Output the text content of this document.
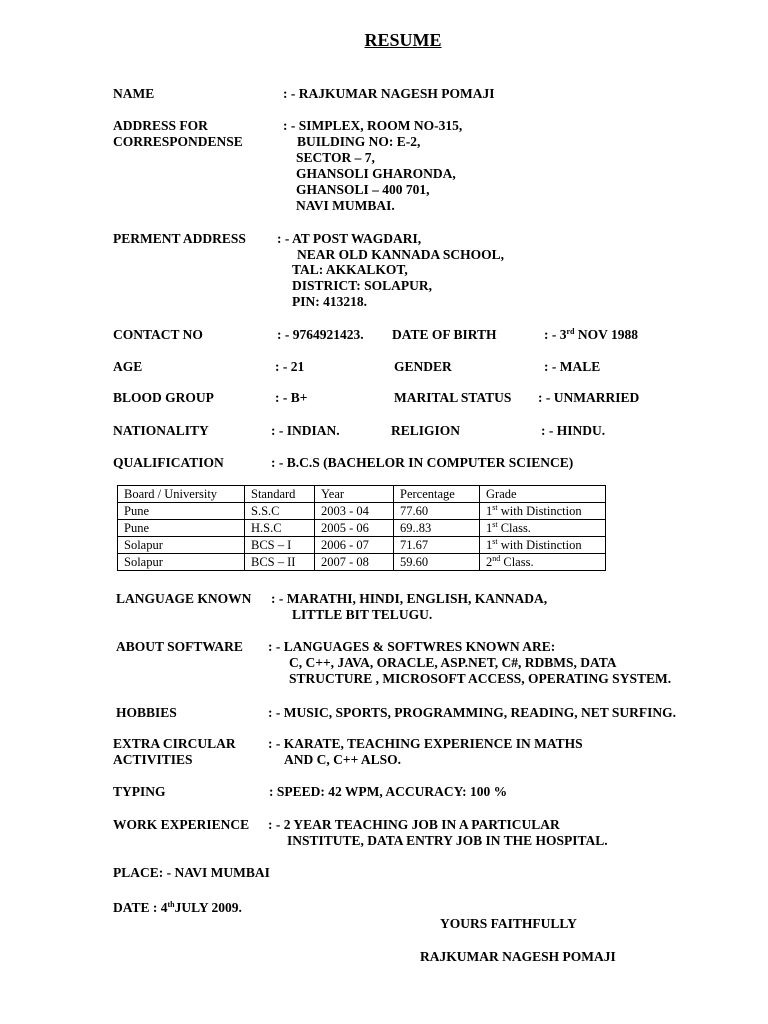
RESUME
NAME	: - RAJKUMAR NAGESH POMAJI
ADDRESS FOR
CORRESPONDENSE
: - SIMPLEX, ROOM NO-315,
BUILDING NO: E-2,
SECTOR – 7,
GHANSOLI GHARONDA,
GHANSOLI – 400 701,
NAVI MUMBAI.
PERMENT ADDRESS : - AT POST WAGDARI,
NEAR OLD KANNADA SCHOOL,
TAL: AKKALKOT,
DISTRICT: SOLAPUR,
PIN: 413218.
CONTACT NO	: - 9764921423. DATE OF BIRTH	: - 3rd NOV 1988
AGE	: - 21	GENDER	: - MALE
BLOOD GROUP	: - B+	MARITAL STATUS : - UNMARRIED
NATIONALITY	: - INDIAN.	RELIGION	: - HINDU.
QUALIFICATION	: - B.C.S (BACHELOR IN COMPUTER SCIENCE)
Board / University	Standard	Year	Percentage	Grade
Pune	S.S.C	2003 - 04	77.60	1st with Distinction
Pune	H.S.C	2005 - 06	69..83	1st Class.
Solapur	BCS – I	2006 - 07	71.67	1st with Distinction
Solapur	BCS – II	2007 - 08	59.60	2nd Class.
LANGUAGE KNOWN : - MARATHI, HINDI, ENGLISH, KANNADA,
LITTLE BIT TELUGU.
ABOUT SOFTWARE : - LANGUAGES & SOFTWRES KNOWN ARE:
C, C++, JAVA, ORACLE, ASP.NET, C#, RDBMS, DATA
STRUCTURE , MICROSOFT ACCESS, OPERATING SYSTEM.
HOBBIES	: - MUSIC, SPORTS, PROGRAMMING, READING, NET SURFING.
EXTRA CIRCULAR
ACTIVITIES
: - KARATE, TEACHING EXPERIENCE IN MATHS
AND C, C++ ALSO.
TYPING	: SPEED: 42 WPM, ACCURACY: 100 %
WORK EXPERIENCE : - 2 YEAR TEACHING JOB IN A PARTICULAR
INSTITUTE, DATA ENTRY JOB IN THE HOSPITAL.
PLACE: - NAVI MUMBAI
DATE : 4thJULY 2009.
YOURS FAITHFULLY
RAJKUMAR NAGESH POMAJI
